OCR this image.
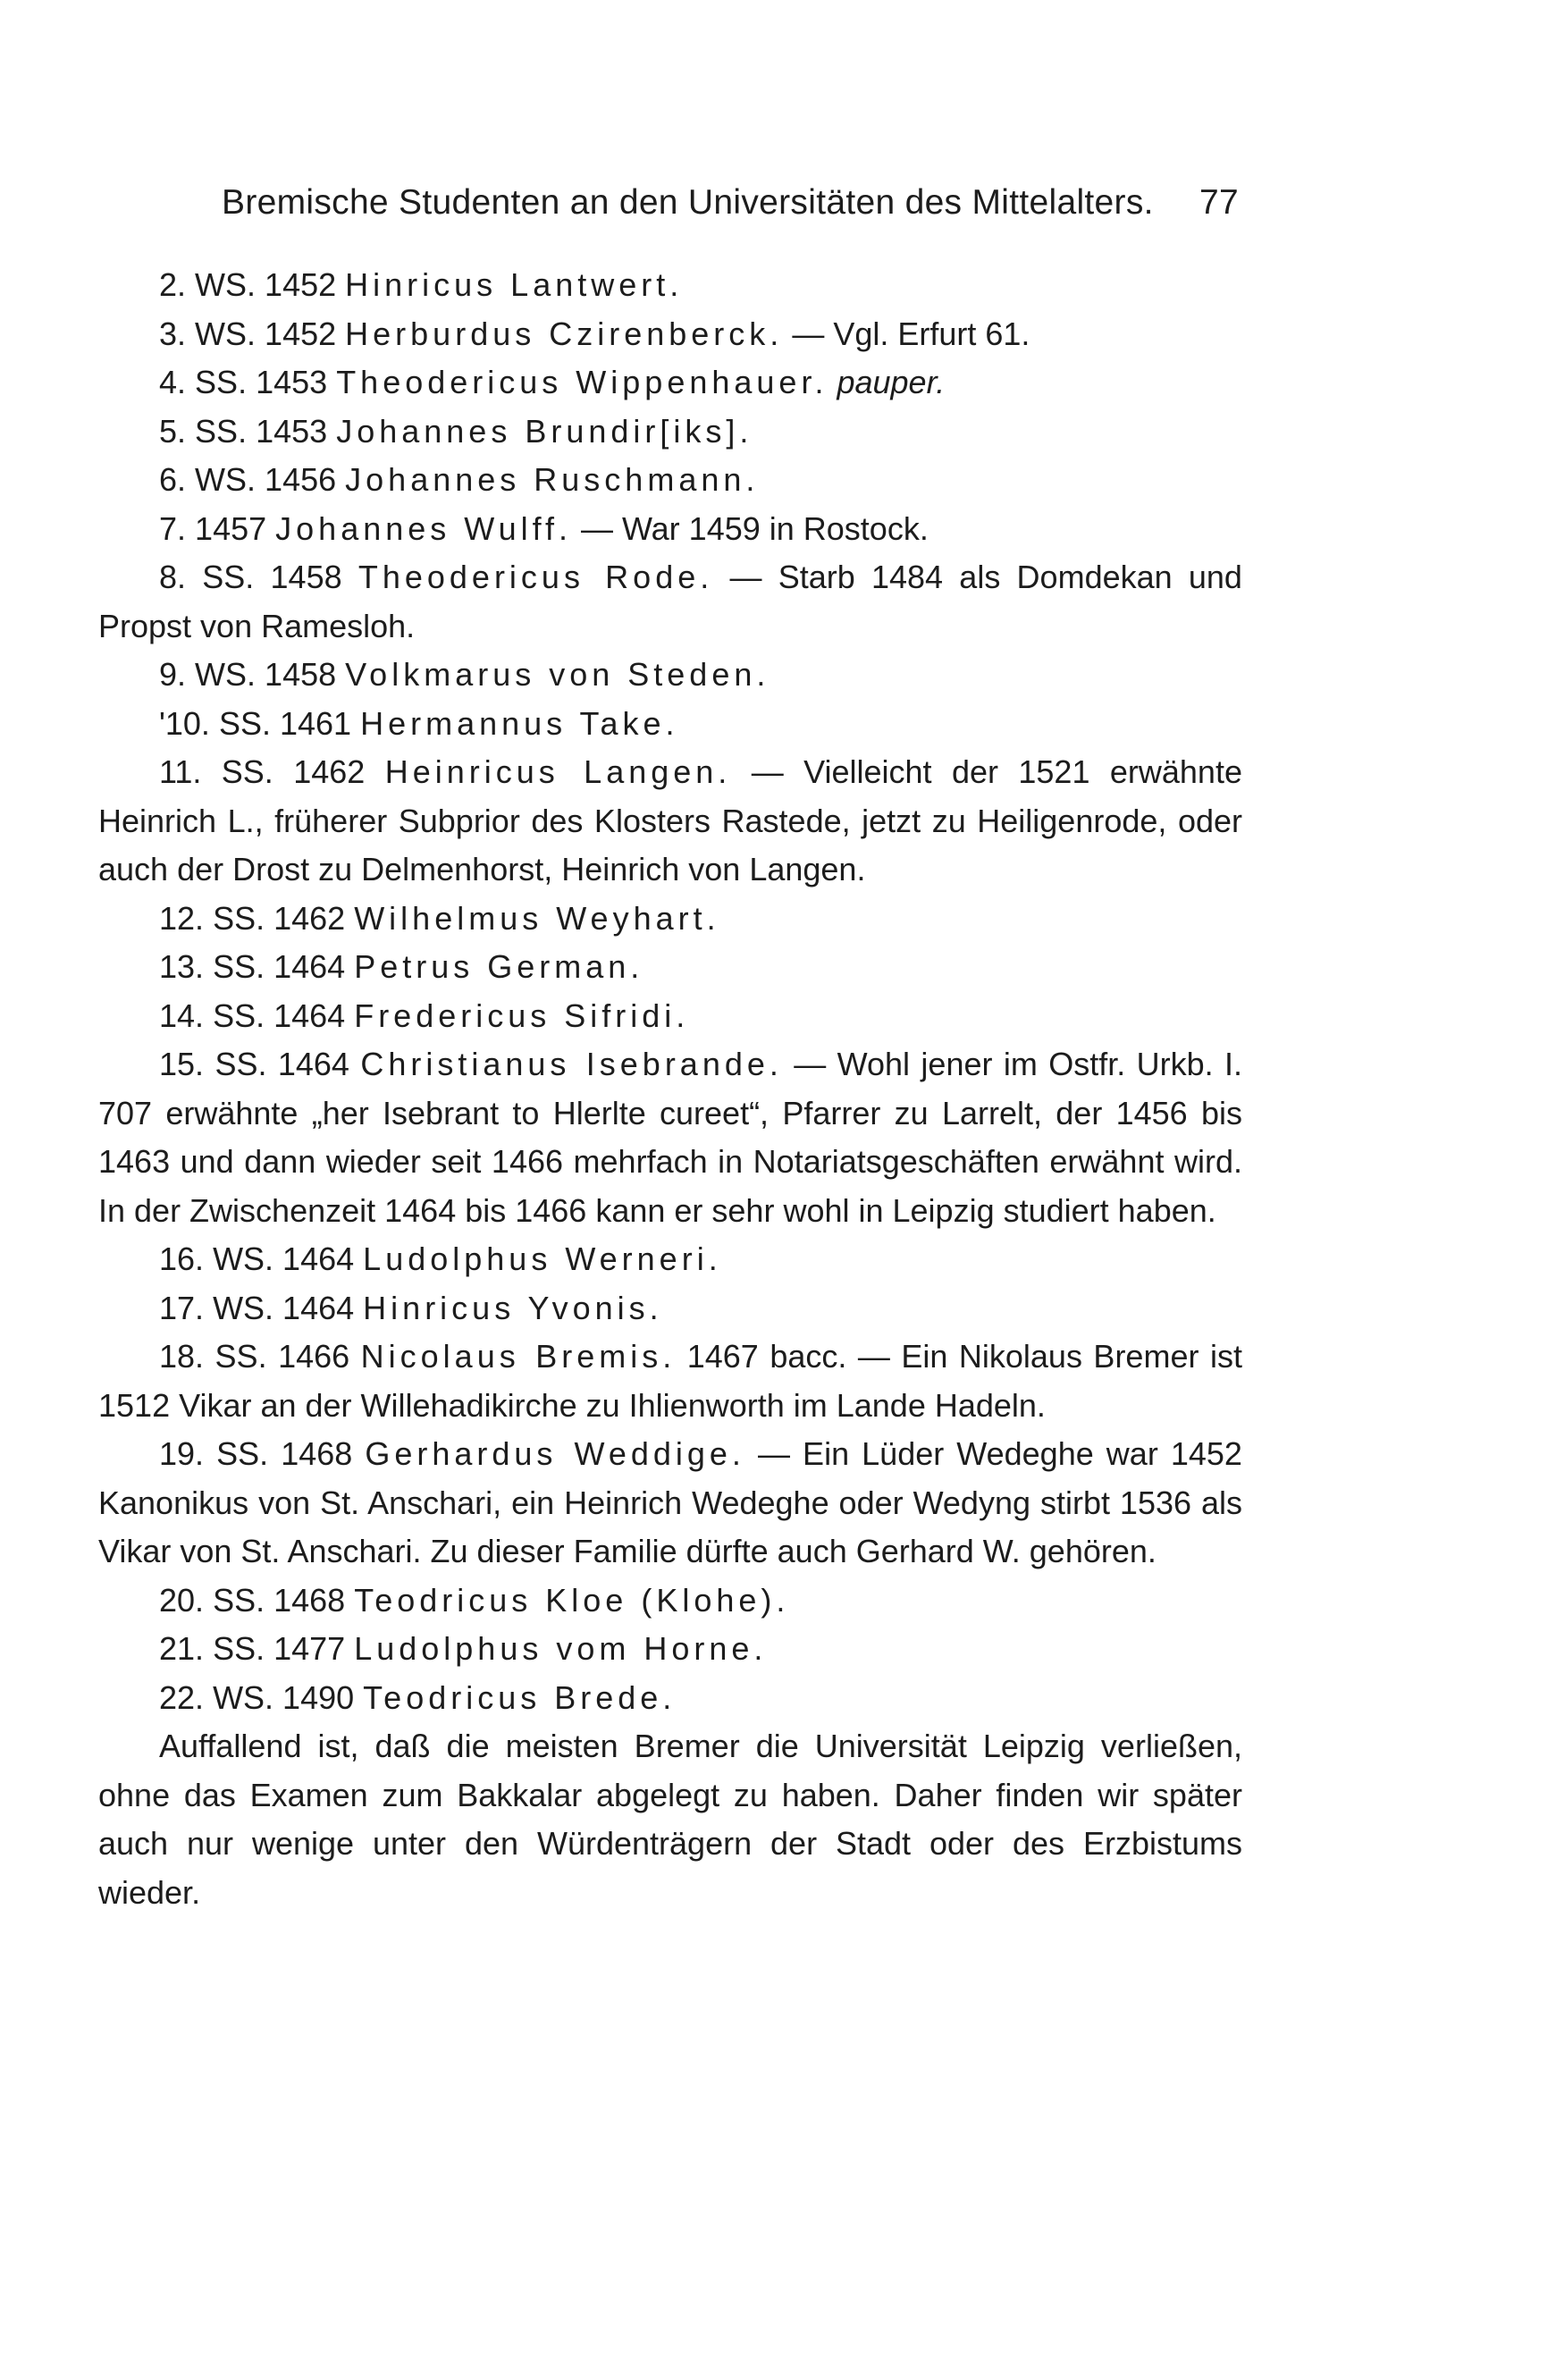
Bremische Studenten an den Universitäten des Mittelalters. 77

2. WS. 1452 Hinricus Lantwert.

3. WS. 1452 Herburdus Czirenberck. — Vgl. Erfurt 61.

4. SS. 1453 Theodericus Wippenhauer. pauper.

5. SS. 1453 Johannes Brundir[iks].

6. WS. 1456 Johannes Ruschmann.

7. 1457 Johannes Wulff. — War 1459 in Rostock.

8. SS. 1458 Theodericus Rode. — Starb 1484 als Domdekan und Propst von Ramesloh.

9. WS. 1458 Volkmarus von Steden.

'10. SS. 1461 Hermannus Take.

11. SS. 1462 Heinricus Langen. — Vielleicht der 1521 erwähnte Heinrich L., früherer Subprior des Klosters Rastede, jetzt zu Heiligenrode, oder auch der Drost zu Delmenhorst, Heinrich von Langen.

12. SS. 1462 Wilhelmus Weyhart.

13. SS. 1464 Petrus German.

14. SS. 1464 Fredericus Sifridi.

15. SS. 1464 Christianus Isebrande. — Wohl jener im Ostfr. Urkb. I. 707 erwähnte „her Isebrant to Hlerlte cureet“, Pfarrer zu Larrelt, der 1456 bis 1463 und dann wieder seit 1466 mehrfach in Notariatsgeschäften erwähnt wird. In der Zwischenzeit 1464 bis 1466 kann er sehr wohl in Leipzig studiert haben.

16. WS. 1464 Ludolphus Werneri.

17. WS. 1464 Hinricus Yvonis.

18. SS. 1466 Nicolaus Bremis. 1467 bacc. — Ein Nikolaus Bremer ist 1512 Vikar an der Willehadikirche zu Ihlienworth im Lande Hadeln.

19. SS. 1468 Gerhardus Weddige. — Ein Lüder Wedeghe war 1452 Kanonikus von St. Anschari, ein Heinrich Wedeghe oder Wedyng stirbt 1536 als Vikar von St. Anschari. Zu dieser Familie dürfte auch Gerhard W. gehören.

20. SS. 1468 Teodricus Kloe (Klohe).

21. SS. 1477 Ludolphus vom Horne.

22. WS. 1490 Teodricus Brede.

Auffallend ist, daß die meisten Bremer die Universität Leipzig verließen, ohne das Examen zum Bakkalar abgelegt zu haben. Daher finden wir später auch nur wenige unter den Würdenträgern der Stadt oder des Erzbistums wieder.
